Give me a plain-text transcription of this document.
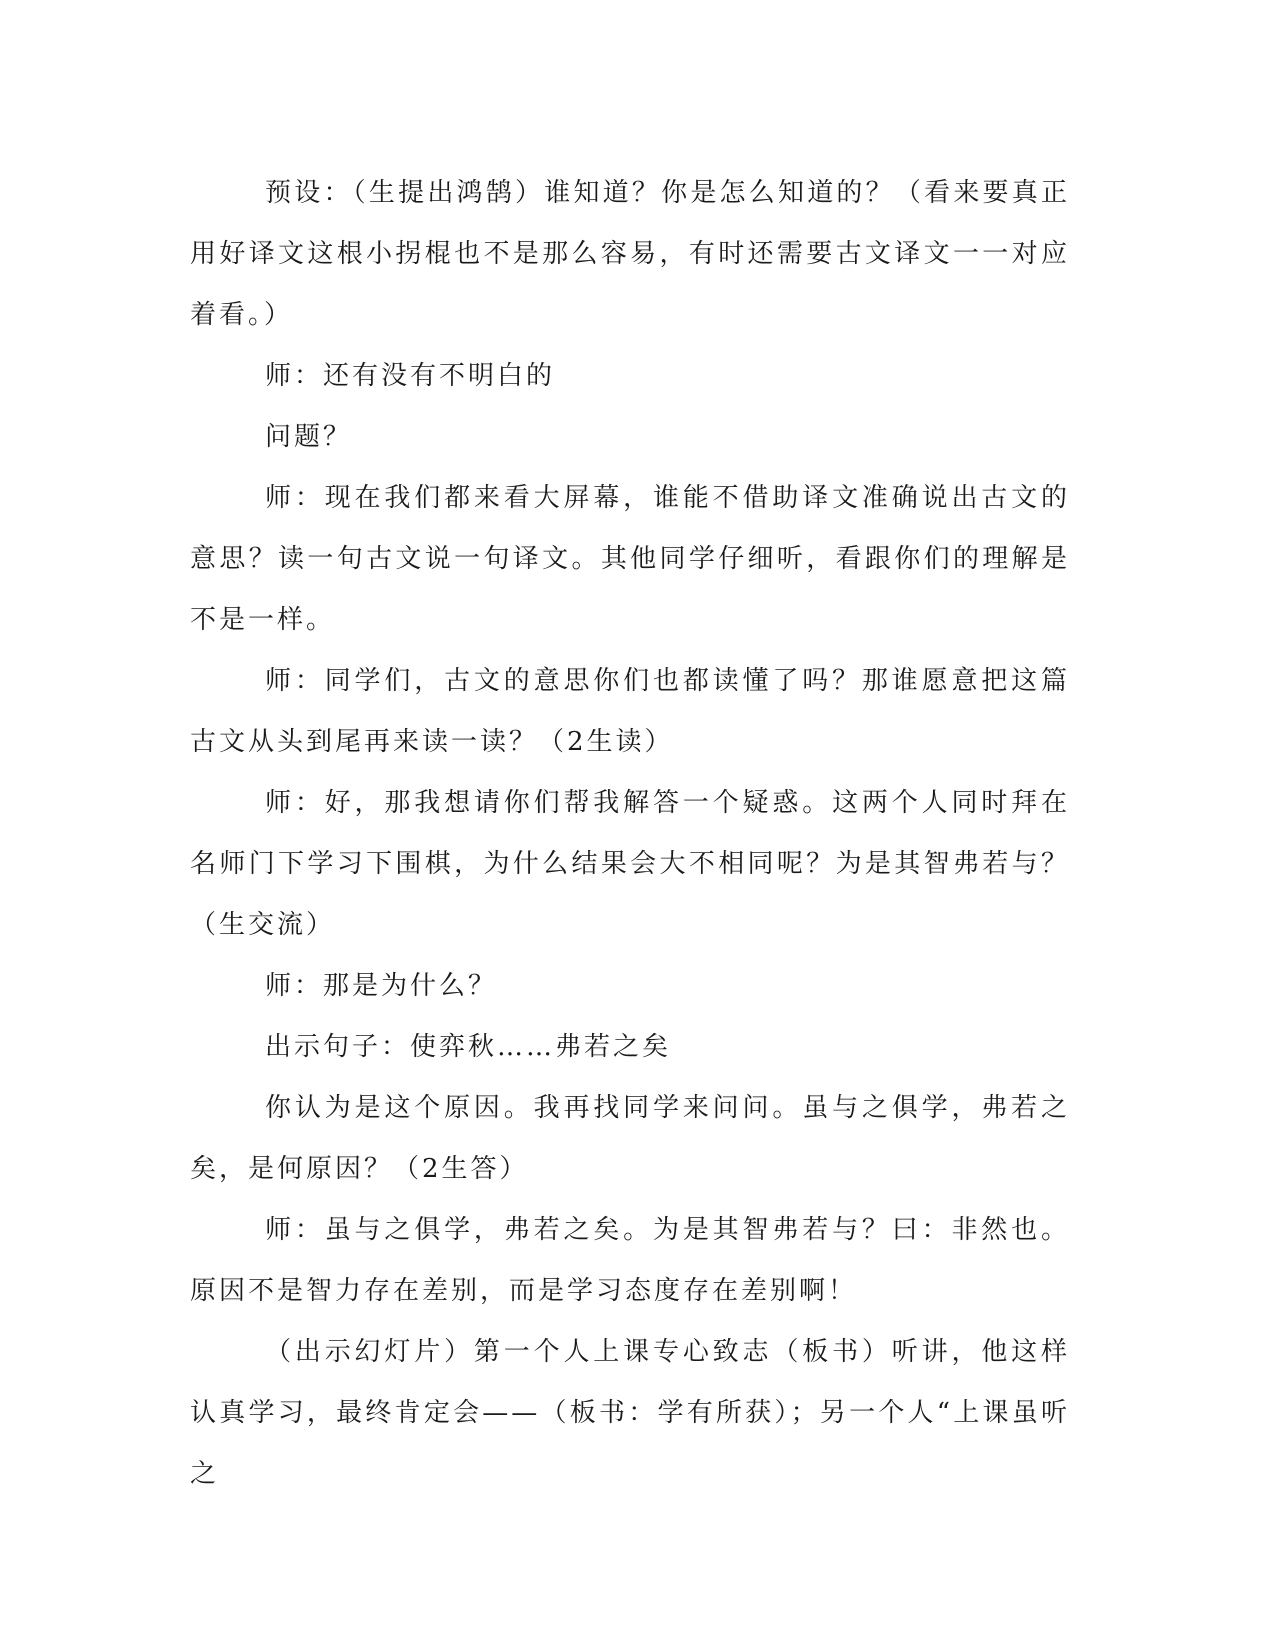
预设：（生提出鸿鹄）谁知道？你是怎么知道的？（看来要真正用好译文这根小拐棍也不是那么容易，有时还需要古文译文一一对应着看。）

师：还有没有不明白的

问题？

师：现在我们都来看大屏幕，谁能不借助译文准确说出古文的意思？读一句古文说一句译文。其他同学仔细听，看跟你们的理解是不是一样。

师：同学们，古文的意思你们也都读懂了吗？那谁愿意把这篇古文从头到尾再来读一读？（2生读）

师：好，那我想请你们帮我解答一个疑惑。这两个人同时拜在名师门下学习下围棋，为什么结果会大不相同呢？为是其智弗若与？（生交流）

师：那是为什么？

出示句子：使弈秋……弗若之矣

你认为是这个原因。我再找同学来问问。虽与之俱学，弗若之矣，是何原因？（2生答）

师：虽与之俱学，弗若之矣。为是其智弗若与？曰：非然也。原因不是智力存在差别，而是学习态度存在差别啊！

（出示幻灯片）第一个人上课专心致志（板书）听讲，他这样认真学习，最终肯定会——（板书：学有所获）；另一个人“上课虽听之
